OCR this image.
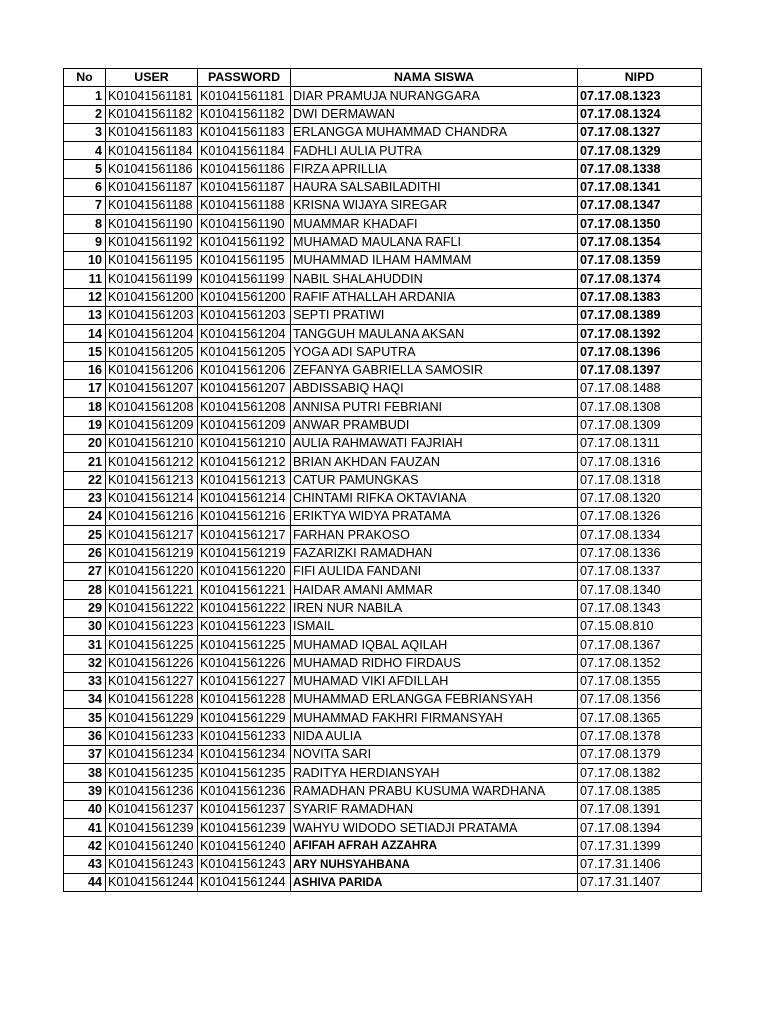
No	USER	PASSWORD	NAMA SISWA	NIPD
1	K01041561181	K01041561181	DIAR PRAMUJA NURANGGARA	07.17.08.1323
2	K01041561182	K01041561182	DWI DERMAWAN	07.17.08.1324
3	K01041561183	K01041561183	ERLANGGA MUHAMMAD CHANDRA	07.17.08.1327
4	K01041561184	K01041561184	FADHLI AULIA PUTRA	07.17.08.1329
5	K01041561186	K01041561186	FIRZA APRILLIA	07.17.08.1338
6	K01041561187	K01041561187	HAURA SALSABILADITHI	07.17.08.1341
7	K01041561188	K01041561188	KRISNA WIJAYA SIREGAR	07.17.08.1347
8	K01041561190	K01041561190	MUAMMAR KHADAFI	07.17.08.1350
9	K01041561192	K01041561192	MUHAMAD MAULANA RAFLI	07.17.08.1354
10	K01041561195	K01041561195	MUHAMMAD ILHAM HAMMAM	07.17.08.1359
11	K01041561199	K01041561199	NABIL SHALAHUDDIN	07.17.08.1374
12	K01041561200	K01041561200	RAFIF ATHALLAH ARDANIA	07.17.08.1383
13	K01041561203	K01041561203	SEPTI PRATIWI	07.17.08.1389
14	K01041561204	K01041561204	TANGGUH MAULANA AKSAN	07.17.08.1392
15	K01041561205	K01041561205	YOGA ADI SAPUTRA	07.17.08.1396
16	K01041561206	K01041561206	ZEFANYA GABRIELLA SAMOSIR	07.17.08.1397
17	K01041561207	K01041561207	ABDISSABIQ HAQI	07.17.08.1488
18	K01041561208	K01041561208	ANNISA PUTRI FEBRIANI	07.17.08.1308
19	K01041561209	K01041561209	ANWAR PRAMBUDI	07.17.08.1309
20	K01041561210	K01041561210	AULIA RAHMAWATI FAJRIAH	07.17.08.1311
21	K01041561212	K01041561212	BRIAN AKHDAN FAUZAN	07.17.08.1316
22	K01041561213	K01041561213	CATUR PAMUNGKAS	07.17.08.1318
23	K01041561214	K01041561214	CHINTAMI RIFKA OKTAVIANA	07.17.08.1320
24	K01041561216	K01041561216	ERIKTYA WIDYA PRATAMA	07.17.08.1326
25	K01041561217	K01041561217	FARHAN PRAKOSO	07.17.08.1334
26	K01041561219	K01041561219	FAZARIZKI RAMADHAN	07.17.08.1336
27	K01041561220	K01041561220	FIFI AULIDA FANDANI	07.17.08.1337
28	K01041561221	K01041561221	HAIDAR AMANI AMMAR	07.17.08.1340
29	K01041561222	K01041561222	IREN NUR NABILA	07.17.08.1343
30	K01041561223	K01041561223	ISMAIL	07.15.08.810
31	K01041561225	K01041561225	MUHAMAD IQBAL AQILAH	07.17.08.1367
32	K01041561226	K01041561226	MUHAMAD RIDHO FIRDAUS	07.17.08.1352
33	K01041561227	K01041561227	MUHAMAD VIKI AFDILLAH	07.17.08.1355
34	K01041561228	K01041561228	MUHAMMAD ERLANGGA FEBRIANSYAH	07.17.08.1356
35	K01041561229	K01041561229	MUHAMMAD FAKHRI FIRMANSYAH	07.17.08.1365
36	K01041561233	K01041561233	NIDA AULIA	07.17.08.1378
37	K01041561234	K01041561234	NOVITA SARI	07.17.08.1379
38	K01041561235	K01041561235	RADITYA HERDIANSYAH	07.17.08.1382
39	K01041561236	K01041561236	RAMADHAN PRABU KUSUMA WARDHANA	07.17.08.1385
40	K01041561237	K01041561237	SYARIF RAMADHAN	07.17.08.1391
41	K01041561239	K01041561239	WAHYU WIDODO SETIADJI PRATAMA	07.17.08.1394
42	K01041561240	K01041561240	AFIFAH AFRAH AZZAHRA	07.17.31.1399
43	K01041561243	K01041561243	ARY NUHSYAHBANA	07.17.31.1406
44	K01041561244	K01041561244	ASHIVA PARIDA	07.17.31.1407
